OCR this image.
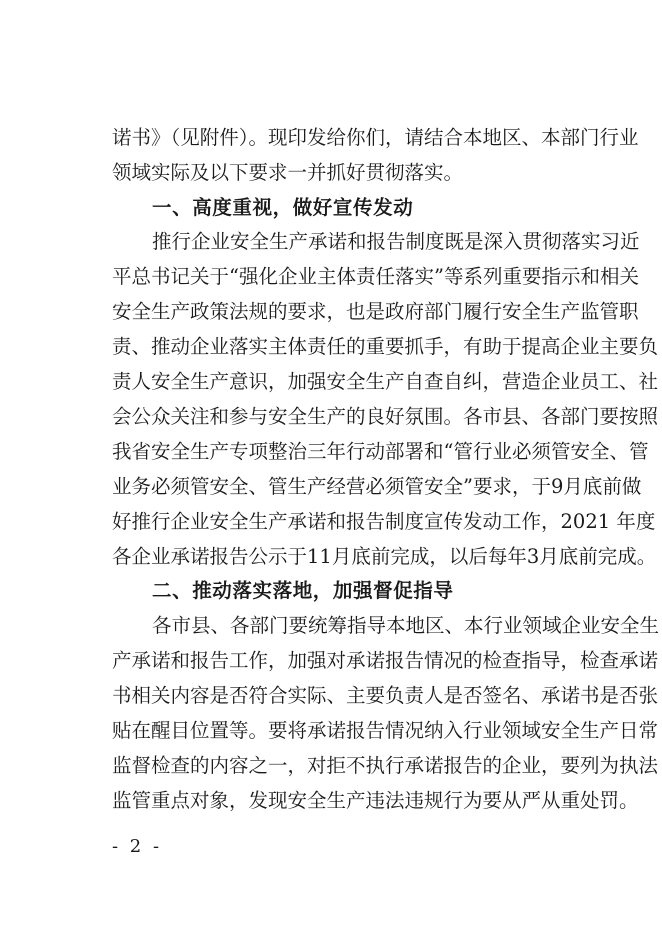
诺书》（见附件）。现印发给你们，请结合本地区、本部门行业
领域实际及以下要求一并抓好贯彻落实。
一、高度重视，做好宣传发动
推行企业安全生产承诺和报告制度既是深入贯彻落实习近
平总书记关于“强化企业主体责任落实”等系列重要指示和相关
安全生产政策法规的要求，也是政府部门履行安全生产监管职
责、推动企业落实主体责任的重要抓手，有助于提高企业主要负
责人安全生产意识，加强安全生产自查自纠，营造企业员工、社
会公众关注和参与安全生产的良好氛围。各市县、各部门要按照
我省安全生产专项整治三年行动部署和“管行业必须管安全、管
业务必须管安全、管生产经营必须管安全”要求，于9月底前做
好推行企业安全生产承诺和报告制度宣传发动工作，2021 年度
各企业承诺报告公示于11月底前完成，以后每年3月底前完成。
二、推动落实落地，加强督促指导
各市县、各部门要统筹指导本地区、本行业领域企业安全生
产承诺和报告工作，加强对承诺报告情况的检查指导，检查承诺
书相关内容是否符合实际、主要负责人是否签名、承诺书是否张
贴在醒目位置等。要将承诺报告情况纳入行业领域安全生产日常
监督检查的内容之一，对拒不执行承诺报告的企业，要列为执法
监管重点对象，发现安全生产违法违规行为要从严从重处罚。
- 2 -
